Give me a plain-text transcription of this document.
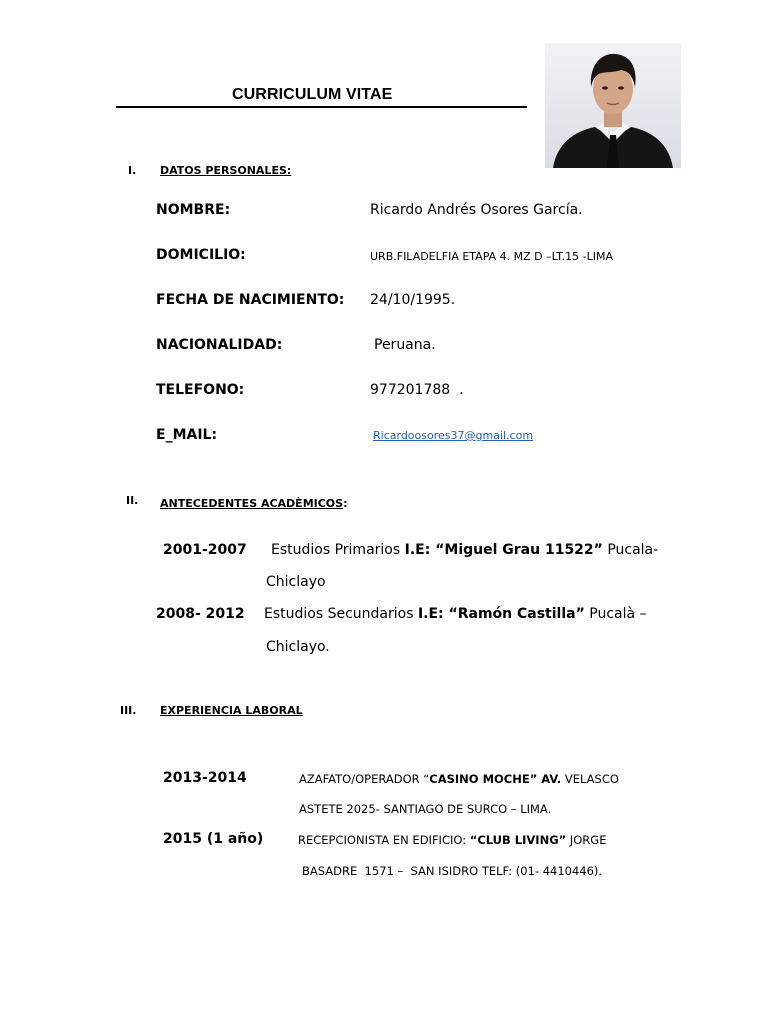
CURRICULUM VITAE
I. DATOS PERSONALES:
NOMBRE:	Ricardo Andrés Osores García.
DOMICILIO:	URB.FILADELFIA ETAPA 4. MZ D –LT.15 -LIMA
FECHA DE NACIMIENTO: 24/10/1995.
NACIONALIDAD:	Peruana.
TELEFONO:	977201788  .
E_MAIL:	Ricardoosores37@gmail.com
II. ANTECEDENTES ACADÈMICOS:
2001-2007 Estudios Primarios I.E: “Miguel Grau 11522” Pucala-
Chiclayo
2008- 2012 Estudios Secundarios I.E: “Ramón Castilla” Pucalà –
Chiclayo.
III. EXPERIENCIA LABORAL
2013-2014	AZAFATO/OPERADOR “CASINO MOCHE” AV. VELASCO
ASTETE 2025- SANTIAGO DE SURCO – LIMA.
2015 (1 año)	RECEPCIONISTA EN EDIFICIO: “CLUB LIVING” JORGE
BASADRE  1571 –  SAN ISIDRO TELF: (01- 4410446).
